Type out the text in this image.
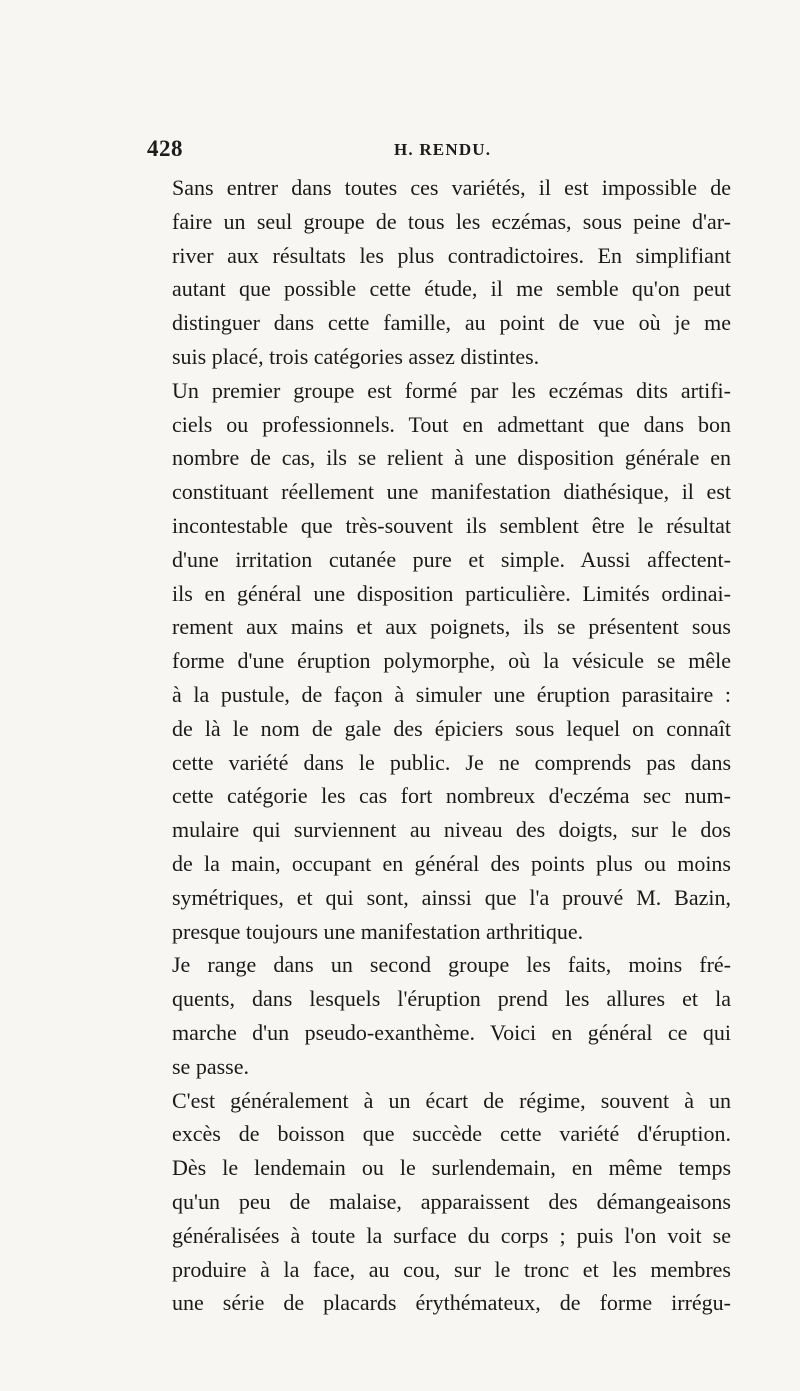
428	H. RENDU.

Sans entrer dans toutes ces variétés, il est impossible de
faire un seul groupe de tous les eczémas, sous peine d'ar-
river aux résultats les plus contradictoires. En simplifiant
autant que possible cette étude, il me semble qu'on peut
distinguer dans cette famille, au point de vue où je me
suis placé, trois catégories assez distintes.

Un premier groupe est formé par les eczémas dits artifi-
ciels ou professionnels. Tout en admettant que dans bon
nombre de cas, ils se relient à une disposition générale en
constituant réellement une manifestation diathésique, il est
incontestable que très-souvent ils semblent être le résultat
d'une irritation cutanée pure et simple. Aussi affectent-
ils en général une disposition particulière. Limités ordinai-
rement aux mains et aux poignets, ils se présentent sous
forme d'une éruption polymorphe, où la vésicule se mêle
à la pustule, de façon à simuler une éruption parasitaire :
de là le nom de gale des épiciers sous lequel on connaît
cette variété dans le public. Je ne comprends pas dans
cette catégorie les cas fort nombreux d'eczéma sec num-
mulaire qui surviennent au niveau des doigts, sur le dos
de la main, occupant en général des points plus ou moins
symétriques, et qui sont, ainssi que l'a prouvé M. Bazin,
presque toujours une manifestation arthritique.

Je range dans un second groupe les faits, moins fré-
quents, dans lesquels l'éruption prend les allures et la
marche d'un pseudo-exanthème. Voici en général ce qui
se passe.

C'est généralement à un écart de régime, souvent à un
excès de boisson que succède cette variété d'éruption.
Dès le lendemain ou le surlendemain, en même temps
qu'un peu de malaise, apparaissent des démangeaisons
généralisées à toute la surface du corps ; puis l'on voit se
produire à la face, au cou, sur le tronc et les membres
une série de placards érythémateux, de forme irrégu-
